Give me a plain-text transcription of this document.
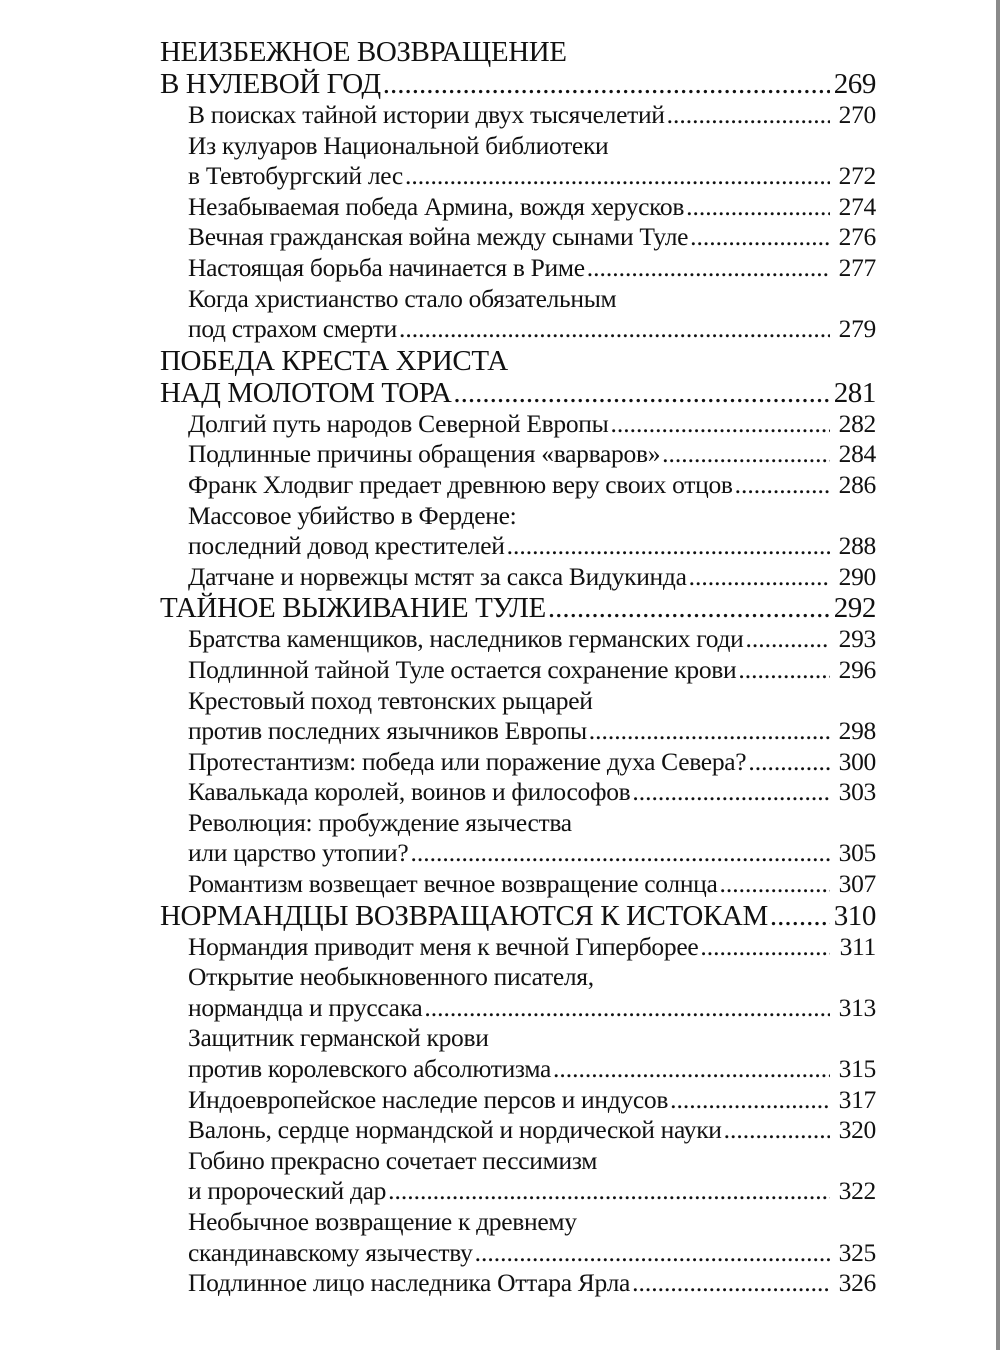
НЕИЗБЕЖНОЕ ВОЗВРАЩЕНИЕ
В НУЛЕВОЙ ГОД .....	269
В поисках тайной истории двух тысячелетий .....	270
Из кулуаров Национальной библиотеки
в Тевтобургский лес .....	272
Незабываемая победа Армина, вождя херусков .....	274
Вечная гражданская война между сынами Туле .....	276
Настоящая борьба начинается в Риме .....	277
Когда христианство стало обязательным
под страхом смерти .....	279
ПОБЕДА КРЕСТА ХРИСТА
НАД МОЛОТОМ ТОРА .....	281
Долгий путь народов Северной Европы .....	282
Подлинные причины обращения «варваров» .....	284
Франк Хлодвиг предает древнюю веру своих отцов .....	286
Массовое убийство в Фердене:
последний довод крестителей .....	288
Датчане и норвежцы мстят за сакса Видукинда .....	290
ТАЙНОЕ ВЫЖИВАНИЕ ТУЛЕ .....	292
Братства каменщиков, наследников германских годи .....	293
Подлинной тайной Туле остается сохранение крови .....	296
Крестовый поход тевтонских рыцарей
против последних язычников Европы .....	298
Протестантизм: победа или поражение духа Севера? .....	300
Кавалькада королей, воинов и философов .....	303
Революция: пробуждение язычества
или царство утопии? .....	305
Романтизм возвещает вечное возвращение солнца .....	307
НОРМАНДЦЫ ВОЗВРАЩАЮТСЯ К ИСТОКАМ ..... 310
Нормандия приводит меня к вечной Гиперборее .....	311
Открытие необыкновенного писателя,
нормандца и пруссака .....	313
Защитник германской крови
против королевского абсолютизма .....	315
Индоевропейское наследие персов и индусов .....	317
Валонь, сердце нормандской и нордической науки .....	320
Гобино прекрасно сочетает пессимизм
и пророческий дар .....	322
Необычное возвращение к древнему
скандинавскому язычеству .....	325
Подлинное лицо наследника Оттара Ярла .....	326
